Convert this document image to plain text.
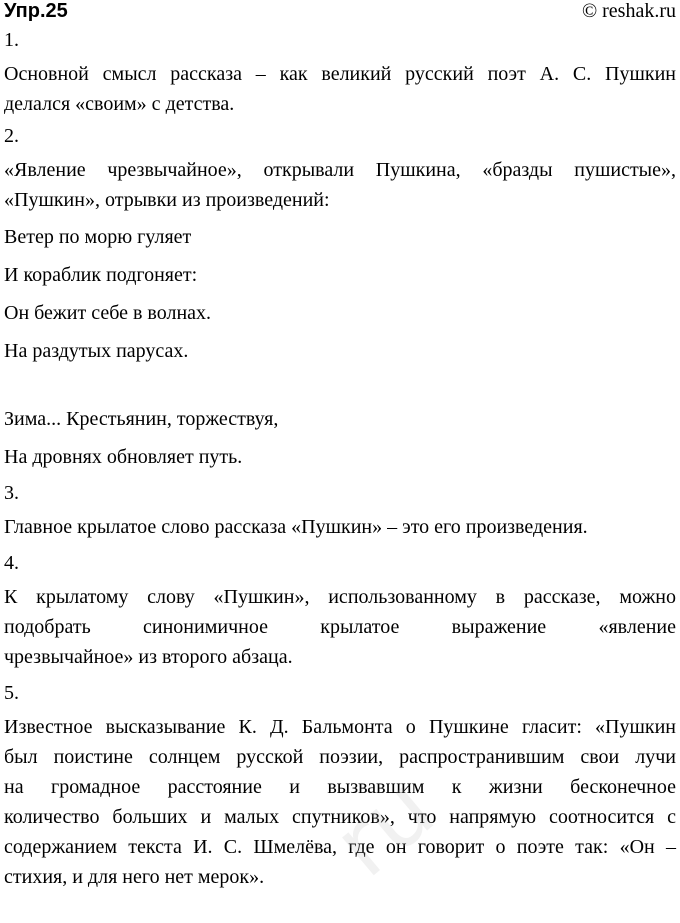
Упр.25	© reshak.ru
1.
Основной смысл рассказа – как великий русский поэт А. С. Пушкин
делался «своим» с детства.
2.
«Явление чрезвычайное», открывали Пушкина, «бразды пушистые»,
«Пушкин», отрывки из произведений:
Ветер по морю гуляет
И кораблик подгоняет:
Он бежит себе в волнах.
На раздутых парусах.
Зима... Крестьянин, торжествуя,
На дровнях обновляет путь.
3.
Главное крылатое слово рассказа «Пушкин» – это его произведения.
4.
К крылатому слову «Пушкин», использованному в рассказе, можно
подобрать синонимичное крылатое выражение «явление
чрезвычайное» из второго абзаца.
5.
Известное высказывание К. Д. Бальмонта о Пушкине гласит: «Пушкин
был поистине солнцем русской поэзии, распространившим свои лучи
на громадное расстояние и вызвавшим к жизни бесконечное
количество больших и малых спутников», что напрямую соотносится с
содержанием текста И. С. Шмелёва, где он говорит о поэте так: «Он –
стихия, и для него нет мерок». ru
